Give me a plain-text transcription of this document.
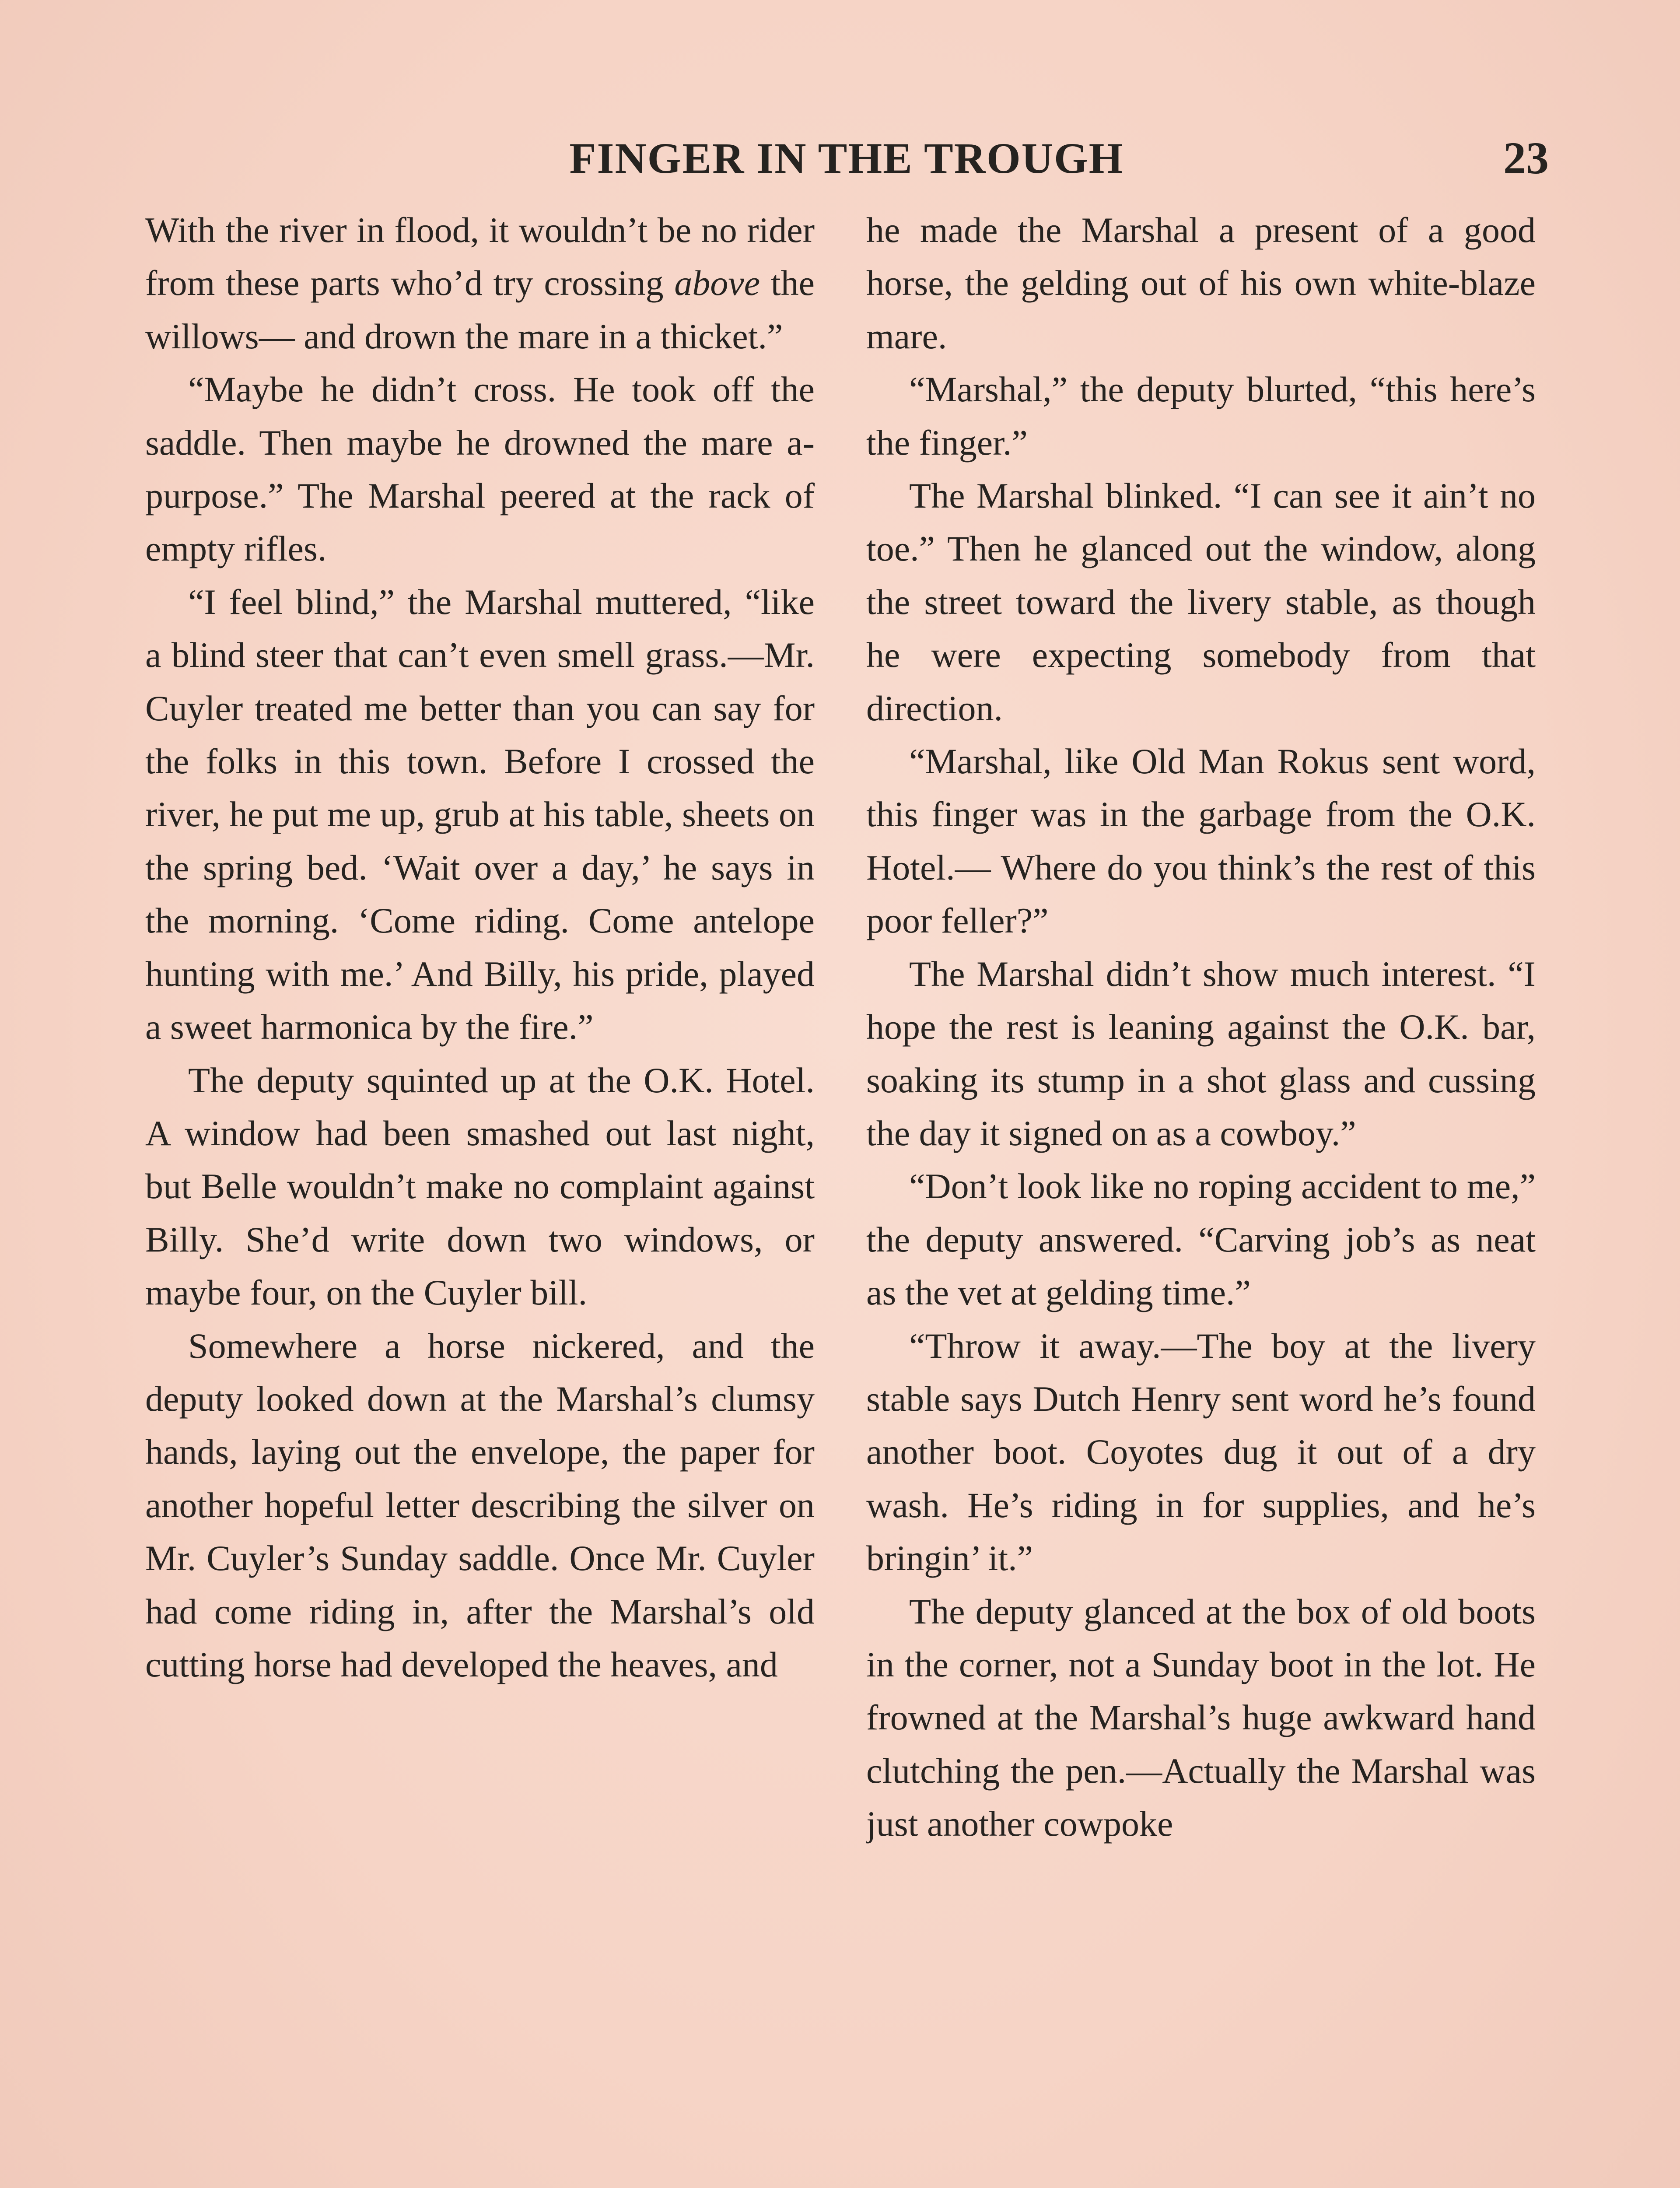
FINGER IN THE TROUGH	23

With the river in flood, it wouldn’t be no rider from these parts who’d try crossing above the willows— and drown the mare in a thicket.”

“Maybe he didn’t cross. He took off the saddle. Then maybe he drowned the mare a-purpose.” The Marshal peered at the rack of empty rifles.

“I feel blind,” the Marshal muttered, “like a blind steer that can’t even smell grass.—Mr. Cuyler treated me better than you can say for the folks in this town. Before I crossed the river, he put me up, grub at his table, sheets on the spring bed. ‘Wait over a day,’ he says in the morning. ‘Come riding. Come antelope hunting with me.’ And Billy, his pride, played a sweet harmonica by the fire.”

The deputy squinted up at the O.K. Hotel. A window had been smashed out last night, but Belle wouldn’t make no complaint against Billy. She’d write down two windows, or maybe four, on the Cuyler bill.

Somewhere a horse nickered, and the deputy looked down at the Marshal’s clumsy hands, laying out the envelope, the paper for another hopeful letter describing the silver on Mr. Cuyler’s Sunday saddle. Once Mr. Cuyler had come riding in, after the Marshal’s old cutting horse had developed the heaves, and

he made the Marshal a present of a good horse, the gelding out of his own white-blaze mare.

“Marshal,” the deputy blurted, “this here’s the finger.”

The Marshal blinked. “I can see it ain’t no toe.” Then he glanced out the window, along the street toward the livery stable, as though he were expecting somebody from that direction.

“Marshal, like Old Man Rokus sent word, this finger was in the garbage from the O.K. Hotel.— Where do you think’s the rest of this poor feller?”

The Marshal didn’t show much interest. “I hope the rest is leaning against the O.K. bar, soaking its stump in a shot glass and cussing the day it signed on as a cowboy.”

“Don’t look like no roping accident to me,” the deputy answered. “Carving job’s as neat as the vet at gelding time.”

“Throw it away.—The boy at the livery stable says Dutch Henry sent word he’s found another boot. Coyotes dug it out of a dry wash. He’s riding in for supplies, and he’s bringin’ it.”

The deputy glanced at the box of old boots in the corner, not a Sunday boot in the lot. He frowned at the Marshal’s huge awkward hand clutching the pen.—Actually the Marshal was just another cowpoke
